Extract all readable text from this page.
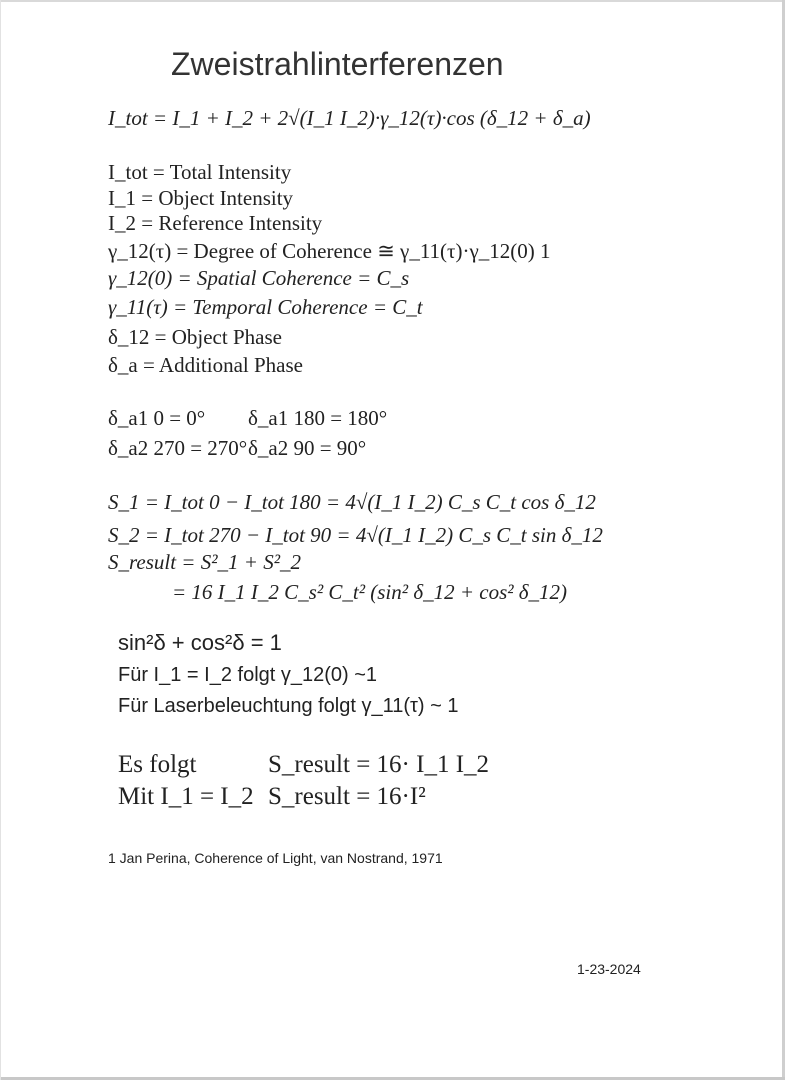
Zweistrahlinterferenzen
I_tot = I_1 + I_2 + 2√(I_1 I_2)·γ_12(τ)·cos (δ_12 + δ_a)
I_tot = Total Intensity
I_1 = Object Intensity
I_2 = Reference Intensity
γ_12(τ) = Degree of Coherence ≅ γ_11(τ)·γ_12(0) 1
γ_12(0) = Spatial Coherence = C_s
γ_11(τ) = Temporal Coherence = C_t
δ_12 = Object Phase
δ_a = Additional Phase
δ_a1 0 = 0° δ_a1 180 = 180°
δ_a2 270 = 270° δ_a2 90 = 90°
S_1 = I_tot 0 − I_tot 180 = 4√(I_1 I_2) C_s C_t cos δ_12
S_2 = I_tot 270 − I_tot 90 = 4√(I_1 I_2) C_s C_t sin δ_12
S_result = S²_1 + S²_2
= 16 I_1 I_2 C_s² C_t² (sin² δ_12 + cos² δ_12)
sin²δ + cos²δ = 1
Für I_1 = I_2 folgt γ_12(0) ~1
Für Laserbeleuchtung folgt γ_11(τ) ~ 1
Es folgt	S_result = 16· I_1 I_2
Mit I_1 = I_2 S_result = 16·I²
1 Jan Perina, Coherence of Light, van Nostrand, 1971
1-23-2024
